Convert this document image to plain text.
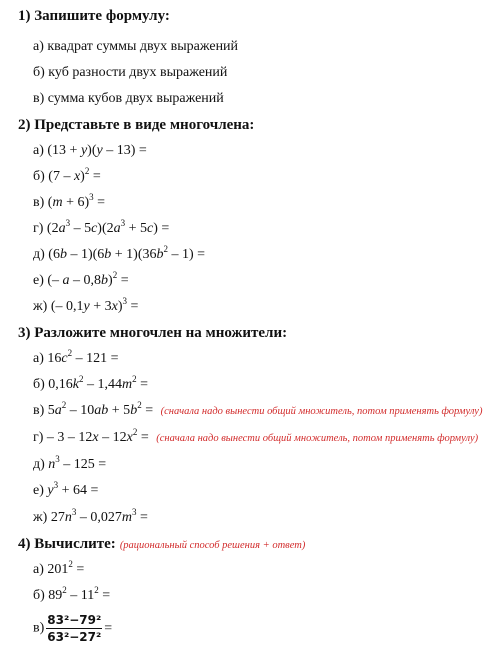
1) Запишите формулу:
а) квадрат суммы двух выражений
б) куб разности двух выражений
в) сумма кубов двух выражений
2) Представьте в виде многочлена:
а) (13 + y)(y – 13) =
б) (7 – x)$^2$ =
в) $(m + 6)^3$ =
г) $(2a^3 - 5c)(2a^3 + 5c)$ =
д) $(6b - 1)(6b + 1)(36b^2 - 1)$ =
е) (– a – 0,8b)$^2$ =
ж) (– 0,1y + 3x)$^3$ =
3) Разложите многочлен на множители:
а) $16c^2 - 121$ =
б) $0,16k^2 - 1,44m^2$ =
в) $5a^2 - 10ab + 5b^2$ = (сначала надо вынести общий множитель, потом применять формулу)
$г) - 3 - 12x - 12x^2$ = (сначала надо вынести общий множитель, потом применять формулу)
д) $n^3 - 125$ =
е) $y^3 + 64$ =
ж) $27n^3 - 0,027m^3$ =
4) Вычислите: (рациональный способ решения + ответ)
а) $201^2$ =
б) $89^2 - 11^2$ =
$в) \frac{\text{83²−79²}}{\text{63²−27²}}$ =
